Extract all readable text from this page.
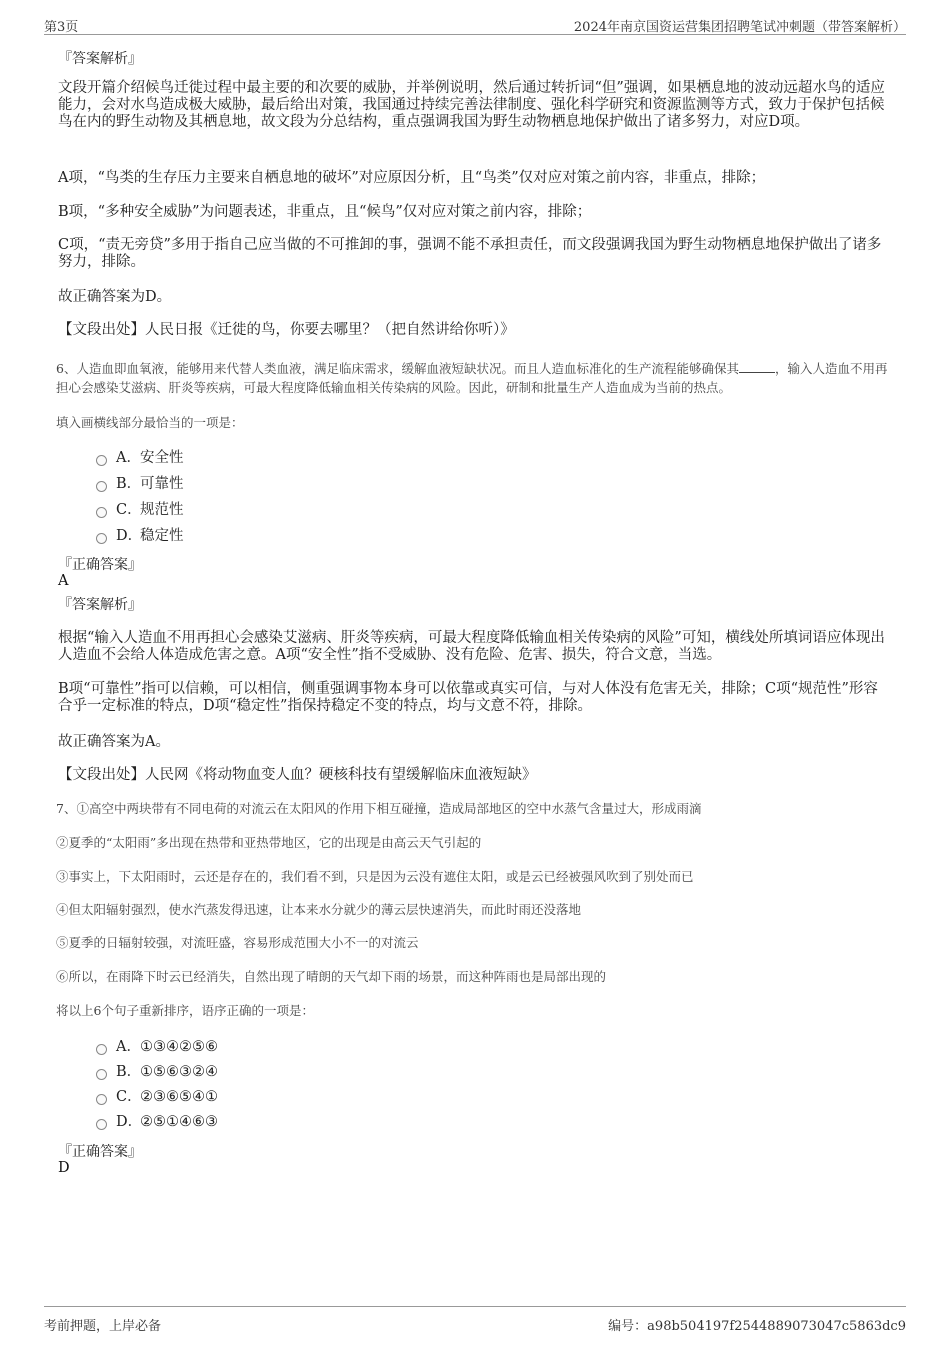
第3页	2024年南京国资运营集团招聘笔试冲刺题（带答案解析）
『答案解析』
文段开篇介绍候鸟迁徙过程中最主要的和次要的威胁，并举例说明，然后通过转折词“但”强调，如果栖息地的波动远超水鸟的适应能力，会对水鸟造成极大威胁，最后给出对策，我国通过持续完善法律制度、强化科学研究和资源监测等方式，致力于保护包括候鸟在内的野生动物及其栖息地，故文段为分总结构，重点强调我国为野生动物栖息地保护做出了诸多努力，对应D项。
A项，“鸟类的生存压力主要来自栖息地的破坏”对应原因分析，且“鸟类”仅对应对策之前内容，非重点，排除；
B项，“多种安全威胁”为问题表述，非重点，且“候鸟”仅对应对策之前内容，排除；
C项，“责无旁贷”多用于指自己应当做的不可推卸的事，强调不能不承担责任，而文段强调我国为野生动物栖息地保护做出了诸多努力，排除。
故正确答案为D。
【文段出处】人民日报《迁徙的鸟，你要去哪里？（把自然讲给你听）》
6、人造血即血氧液，能够用来代替人类血液，满足临床需求，缓解血液短缺状况。而且人造血标准化的生产流程能够确保其	，输入人造血不用再担心会感染艾滋病、肝炎等疾病，可最大程度降低输血相关传染病的风险。因此，研制和批量生产人造血成为当前的热点。
填入画横线部分最恰当的一项是：
A．安全性
B．可靠性
C．规范性
D．稳定性
『正确答案』
A
『答案解析』
根据“输入人造血不用再担心会感染艾滋病、肝炎等疾病，可最大程度降低输血相关传染病的风险”可知，横线处所填词语应体现出人造血不会给人体造成危害之意。A项“安全性”指不受威胁、没有危险、危害、损失，符合文意，当选。
B项“可靠性”指可以信赖，可以相信，侧重强调事物本身可以依靠或真实可信，与对人体没有危害无关，排除；C项“规范性”形容合乎一定标准的特点，D项“稳定性”指保持稳定不变的特点，均与文意不符，排除。
故正确答案为A。
【文段出处】人民网《将动物血变人血？硬核科技有望缓解临床血液短缺》
7、①高空中两块带有不同电荷的对流云在太阳风的作用下相互碰撞，造成局部地区的空中水蒸气含量过大，形成雨滴
②夏季的“太阳雨”多出现在热带和亚热带地区，它的出现是由高云天气引起的
③事实上，下太阳雨时，云还是存在的，我们看不到，只是因为云没有遮住太阳，或是云已经被强风吹到了别处而已
④但太阳辐射强烈，使水汽蒸发得迅速，让本来水分就少的薄云层快速消失，而此时雨还没落地
⑤夏季的日辐射较强，对流旺盛，容易形成范围大小不一的对流云
⑥所以，在雨降下时云已经消失，自然出现了晴朗的天气却下雨的场景，而这种阵雨也是局部出现的
将以上6个句子重新排序，语序正确的一项是：
A．①③④②⑤⑥
B．①⑤⑥③②④
C．②③⑥⑤④①
D．②⑤①④⑥③
『正确答案』
D
考前押题，上岸必备	编号：a98b504197f2544889073047c5863dc9
